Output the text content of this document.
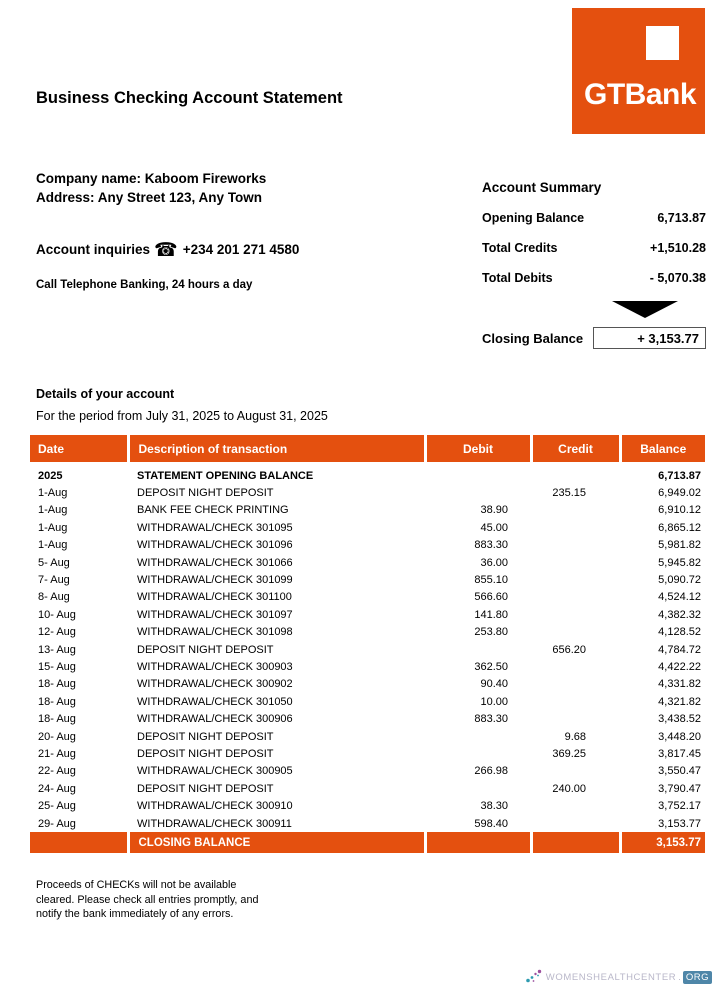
GTBank
Business Checking Account Statement
Company name: Kaboom Fireworks
Address: Any Street 123, Any Town
Account inquiries ☎ +234 201 271 4580
Call Telephone Banking, 24 hours a day
Account Summary
Opening Balance	6,713.87
Total Credits	+1,510.28
Total Debits	- 5,070.38
Closing Balance	+ 3,153.77
Details of your account
For the period from July 31, 2025 to August 31, 2025
Date	Description of transaction	Debit	Credit	Balance
2025	STATEMENT OPENING BALANCE			6,713.87
1-Aug	DEPOSIT NIGHT DEPOSIT		235.15	6,949.02
1-Aug	BANK FEE CHECK PRINTING	38.90		6,910.12
1-Aug	WITHDRAWAL/CHECK 301095	45.00		6,865.12
1-Aug	WITHDRAWAL/CHECK 301096	883.30		5,981.82
5- Aug	WITHDRAWAL/CHECK 301066	36.00		5,945.82
7- Aug	WITHDRAWAL/CHECK 301099	855.10		5,090.72
8- Aug	WITHDRAWAL/CHECK 301100	566.60		4,524.12
10- Aug	WITHDRAWAL/CHECK 301097	141.80		4,382.32
12- Aug	WITHDRAWAL/CHECK 301098	253.80		4,128.52
13- Aug	DEPOSIT NIGHT DEPOSIT		656.20	4,784.72
15- Aug	WITHDRAWAL/CHECK 300903	362.50		4,422.22
18- Aug	WITHDRAWAL/CHECK 300902	90.40		4,331.82
18- Aug	WITHDRAWAL/CHECK 301050	10.00		4,321.82
18- Aug	WITHDRAWAL/CHECK 300906	883.30		3,438.52
20- Aug	DEPOSIT NIGHT DEPOSIT		9.68	3,448.20
21- Aug	DEPOSIT NIGHT DEPOSIT		369.25	3,817.45
22- Aug	WITHDRAWAL/CHECK 300905	266.98		3,550.47
24- Aug	DEPOSIT NIGHT DEPOSIT		240.00	3,790.47
25- Aug	WITHDRAWAL/CHECK 300910	38.30		3,752.17
29- Aug	WITHDRAWAL/CHECK 300911	598.40		3,153.77
	CLOSING BALANCE			3,153.77
Proceeds of CHECKs will not be available
cleared. Please check all entries promptly, and
notify the bank immediately of any errors.
WOMENSHEALTHCENTER . ORG
